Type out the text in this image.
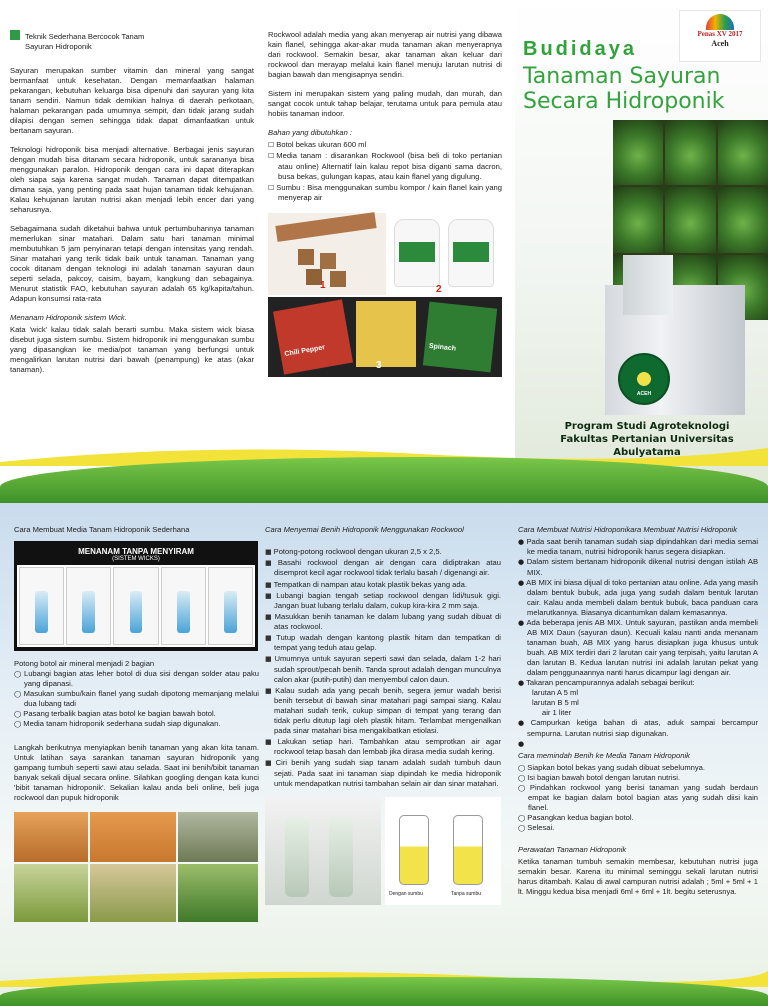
Teknik Sederhana Bercocok Tanam
Sayuran Hidroponik

Sayuran merupakan sumber vitamin dan mineral yang sangat bermanfaat untuk kesehatan. Dengan memanfaatkan halaman pekarangan, kebutuhan keluarga bisa dipenuhi dari sayuran yang kita tanam sendiri. Namun tidak demikian halnya di daerah perkotaan, halaman pekarangan pada umumnya sempit, dan tidak jarang sudah dilapisi dengan semen sehingga tidak dapat dimanfaatkan untuk bertanam sayuran.

Teknologi hidroponik bisa menjadi alternative. Berbagai jenis sayuran dengan mudah bisa ditanam secara hidroponik, untuk sarananya bisa menggunakan paralon. Hidroponik dengan cara ini dapat diterapkan oleh siapa saja karena sangat mudah. Tanaman dapat ditempatkan dimana saja, yang penting pada saat hujan tanaman tidak kehujanan. Kalau kehujanan larutan nutrisi akan menjadi lebih encer dari yang seharusnya.

Sebagaimana sudah diketahui bahwa untuk pertumbuhannya tanaman memerlukan sinar matahari. Dalam satu hari tanaman minimal membutuhkan 5 jam penyinaran tetapi dengan intensitas yang rendah. Sinar matahari yang terik tidak baik untuk tanaman. Tanaman yang cocok ditanam dengan teknologi ini adalah tanaman sayuran daun seperti selada, pakcoy, caisim, bayam, kangkung dan sebagainya. Menurut statistik FAO, kebutuhan sayuran adalah 65 kg/kapita/tahun. Adapun konsumsi rata-rata

Menanam Hidroponik sistem Wick.

Kata 'wick' kalau tidak salah berarti sumbu. Maka sistem wick biasa disebut juga sistem sumbu. Sistem hidroponik ini menggunakan sumbu yang dipasangkan ke media/pot tanaman yang berfungsi untuk mengalirkan larutan nutrisi dari bawah (penampung) ke atas (akar tanaman).

Rockwool adalah media yang akan menyerap air nutrisi yang dibawa kain flanel, sehingga akar-akar muda tanaman akan menyerapnya dari rockwool. Semakin besar, akar tanaman akan keluar dari rockwool dan merayap melalui kain flanel menuju larutan nutrisi di bagian bawah dan mengisapnya sendiri.

Sistem ini merupakan sistem yang paling mudah, dan murah, dan sangat cocok untuk tahap belajar, terutama untuk para pemula atau hobiis tanaman indoor.

Bahan yang dibutuhkan :
☐ Botol bekas ukuran 600 ml
☐ Media tanam : disarankan Rockwool (bisa beli di toko pertanian atau online) Alternatif lain kalau repot bisa diganti sama dacron, busa bekas, gulungan kapas, atau kain flanel yang digulung.
☐ Sumbu : Bisa menggunakan sumbu kompor / kain flanel kain yang menyerap air
1	2
Chili Pepper	Spinach
3
Penas XV 2017
Aceh
Budidaya
Tanaman Sayuran
Secara Hidroponik
ACEH
Program Studi Agroteknologi
Fakultas Pertanian Universitas Abulyatama
Cara Membuat Media Tanam Hidroponik Sederhana
MENANAM TANPA MENYIRAM
(SISTEM WICKS)
Potong botol air mineral menjadi 2 bagian
◯ Lubangi bagian atas leher botol di dua sisi dengan solder atau paku yang dipanasi.
◯ Masukan sumbu/kain flanel yang sudah dipotong memanjang melalui dua lubang tadi
◯ Pasang terbalik bagian atas botol ke bagian bawah botol.
◯ Media tanam hidroponik sederhana sudah siap digunakan.

Langkah berikutnya menyiapkan benih tanaman yang akan kita tanam. Untuk latihan saya sarankan tanaman sayuran hidroponik yang gampang tumbuh seperti sawi atau selada. Saat ini benih/bibit tanaman banyak sekali dijual secara online. Silahkan googling dengan kata kunci 'bibit tanaman hidroponik'. Sekalian kalau anda beli online, beli juga rockwool dan pupuk hidroponik

Cara Menyemai Benih Hidroponik Menggunakan Rockwool
■ Potong-potong rockwool dengan ukuran 2,5 x 2,5.
■ Basahi rockwool dengan air dengan cara didiptrakan atau disemprot kecil agar rockwool tidak terlalu basah / digenangi air.
■ Tempatkan di nampan atau kotak plastik bekas yang ada.
■ Lubangi bagian tengah setiap rockwool dengan lidi/tusuk gigi. Jangan buat lubang terlalu dalam, cukup kira-kira 2 mm saja.
■ Masukkan benih tanaman ke dalam lubang yang sudah dibuat di atas rockwool.
■ Tutup wadah dengan kantong plastik hitam dan tempatkan di tempat yang teduh atau gelap.
■ Umumnya untuk sayuran seperti sawi dan selada, dalam 1-2 hari sudah sprout/pecah benih. Tanda sprout adalah dengan munculnya calon akar (putih-putih) dan menyembul calon daun.
■ Kalau sudah ada yang pecah benih, segera jemur wadah berisi benih tersebut di bawah sinar matahari pagi sampai siang. Kalau matahari sudah terik, cukup simpan di tempat yang terang dan tidak perlu ditutup lagi oleh plastik hitam. Terlambat mengenalkan pada sinar matahari bisa mengakibatkan etiolasi.
■ Lakukan setiap hari. Tambahkan atau semprotkan air agar rockwool tetap basah dan lembab jika dirasa media sudah kering.
■ Ciri benih yang sudah siap tanam adalah sudah tumbuh daun sejati. Pada saat ini tanaman siap dipindah ke media hidroponik untuk mendapatkan nutrisi tambahan selain air dan sinar matahari.
Dengan sumbu	Tanpa sumbu
Cara Membuat Nutrisi Hidroponikara Membuat Nutrisi Hidroponik
● Pada saat benih tanaman sudah siap dipindahkan dari media semai ke media tanam, nutrisi hidroponik harus segera disiapkan.
● Dalam sistem bertanam hidroponik dikenal nutrisi dengan istilah AB MIX.
● AB MIX ini biasa dijual di toko pertanian atau online. Ada yang masih dalam bentuk bubuk, ada juga yang sudah dalam bentuk larutan cair. Kalau anda membeli dalam bentuk bubuk, baca panduan cara melarutkannya. Biasanya dicantumkan dalam kemasannya.
● Ada beberapa jenis AB MIX. Untuk sayuran, pastikan anda membeli AB MIX Daun (sayuran daun). Kecuali kalau nanti anda menanam tanaman buah, AB MIX yang harus disiapkan juga khusus untuk buah. AB MIX terdiri dari 2 larutan cair yang terpisah, yaitu larutan A dan larutan B. Kedua larutan nutrisi ini adalah larutan pekat yang dalam penggunaannya nanti harus dicampur lagi dengan air.
● Takaran pencampurannya adalah sebagai berikut:
larutan A 5 ml
larutan B 5 ml
air 1 liter
● Campurkan ketiga bahan di atas, aduk sampai bercampur sempurna. Larutan nutrisi siap digunakan.
●
Cara memindah Benih ke Media Tanam Hidroponik
◯ Siapkan botol bekas yang sudah dibuat sebelumnya.
◯ Isi bagian bawah botol dengan larutan nutrisi.
◯ Pindahkan rockwool yang berisi tanaman yang sudah berdaun empat ke bagian dalam botol bagian atas yang sudah diisi kain flanel.
◯ Pasangkan kedua bagian botol.
◯ Selesai.
Perawatan Tanaman Hidroponik

Ketika tanaman tumbuh semakin membesar, kebutuhan nutrisi juga semakin besar. Karena itu minimal seminggu sekali larutan nutrisi harus ditambah. Kalau di awal campuran nutrisi adalah ; 5ml + 5ml + 1 lt. Minggu kedua bisa menjadi 6ml + 6ml + 1lt. begitu seterusnya.
